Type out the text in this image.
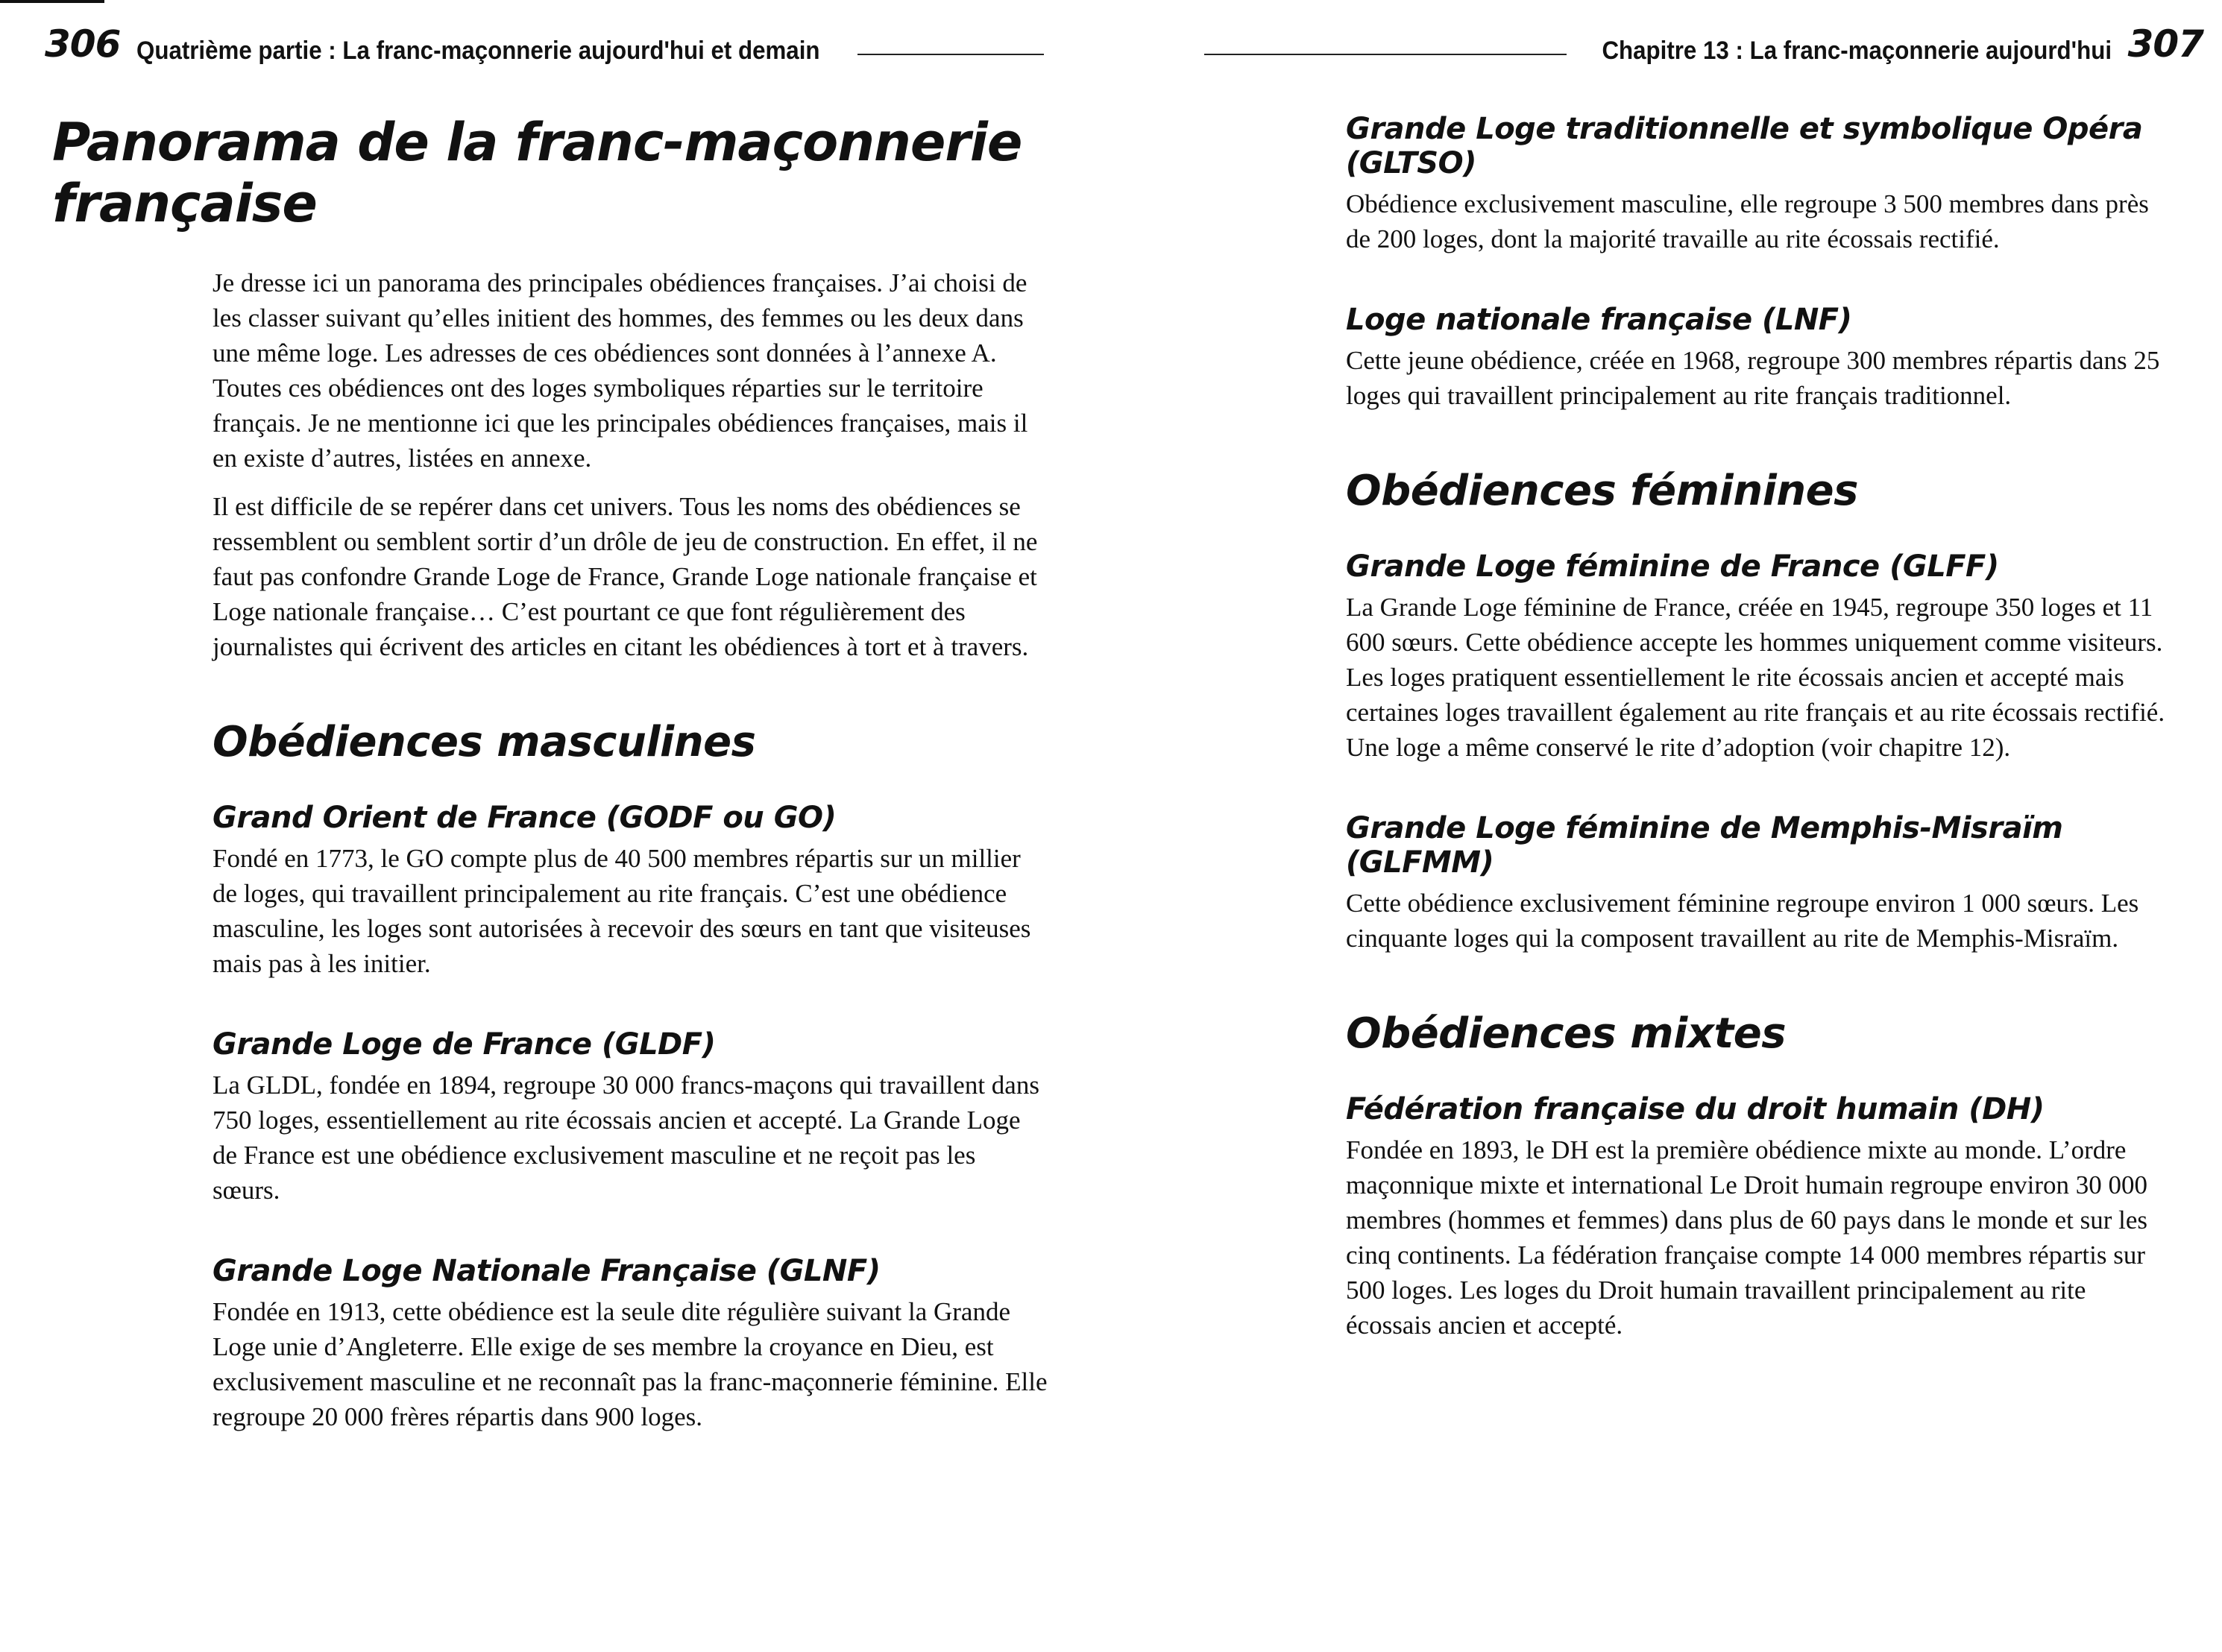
306 Quatrième partie : La franc-maçonnerie aujourd'hui et demain
Panorama de la franc-maçonnerie française

Je dresse ici un panorama des principales obédiences françaises. J’ai choisi de les classer suivant qu’elles initient des hommes, des femmes ou les deux dans une même loge. Les adresses de ces obédiences sont données à l’annexe A. Toutes ces obédiences ont des loges symboliques réparties sur le territoire français. Je ne mentionne ici que les principales obédiences françaises, mais il en existe d’autres, listées en annexe.

Il est difficile de se repérer dans cet univers. Tous les noms des obédiences se ressemblent ou semblent sortir d’un drôle de jeu de construction. En effet, il ne faut pas confondre Grande Loge de France, Grande Loge nationale française et Loge nationale française… C’est pourtant ce que font régulièrement des journalistes qui écrivent des articles en citant les obédiences à tort et à travers.

Obédiences masculines
Grand Orient de France (GODF ou GO)

Fondé en 1773, le GO compte plus de 40 500 membres répartis sur un millier de loges, qui travaillent principalement au rite français. C’est une obédience masculine, les loges sont autorisées à recevoir des sœurs en tant que visiteuses mais pas à les initier.

Grande Loge de France (GLDF)

La GLDL, fondée en 1894, regroupe 30 000 francs-maçons qui travaillent dans 750 loges, essentiellement au rite écossais ancien et accepté. La Grande Loge de France est une obédience exclusivement masculine et ne reçoit pas les sœurs.

Grande Loge Nationale Française (GLNF)

Fondée en 1913, cette obédience est la seule dite régulière suivant la Grande Loge unie d’Angleterre. Elle exige de ses membre la croyance en Dieu, est exclusivement masculine et ne reconnaît pas la franc-maçonnerie féminine. Elle regroupe 20 000 frères répartis dans 900 loges.

Chapitre 13 : La franc-maçonnerie aujourd'hui 307
Grande Loge traditionnelle et symbolique Opéra (GLTSO)

Obédience exclusivement masculine, elle regroupe 3 500 membres dans près de 200 loges, dont la majorité travaille au rite écossais rectifié.

Loge nationale française (LNF)

Cette jeune obédience, créée en 1968, regroupe 300 membres répartis dans 25 loges qui travaillent principalement au rite français traditionnel.

Obédiences féminines
Grande Loge féminine de France (GLFF)

La Grande Loge féminine de France, créée en 1945, regroupe 350 loges et 11 600 sœurs. Cette obédience accepte les hommes uniquement comme visiteurs. Les loges pratiquent essentiellement le rite écossais ancien et accepté mais certaines loges travaillent également au rite français et au rite écossais rectifié. Une loge a même conservé le rite d’adoption (voir chapitre 12).

Grande Loge féminine de Memphis-Misraïm (GLFMM)

Cette obédience exclusivement féminine regroupe environ 1 000 sœurs. Les cinquante loges qui la composent travaillent au rite de Memphis-Misraïm.

Obédiences mixtes
Fédération française du droit humain (DH)

Fondée en 1893, le DH est la première obédience mixte au monde. L’ordre maçonnique mixte et international Le Droit humain regroupe environ 30 000 membres (hommes et femmes) dans plus de 60 pays dans le monde et sur les cinq continents. La fédération française compte 14 000 membres répartis sur 500 loges. Les loges du Droit humain travaillent principalement au rite écossais ancien et accepté.
